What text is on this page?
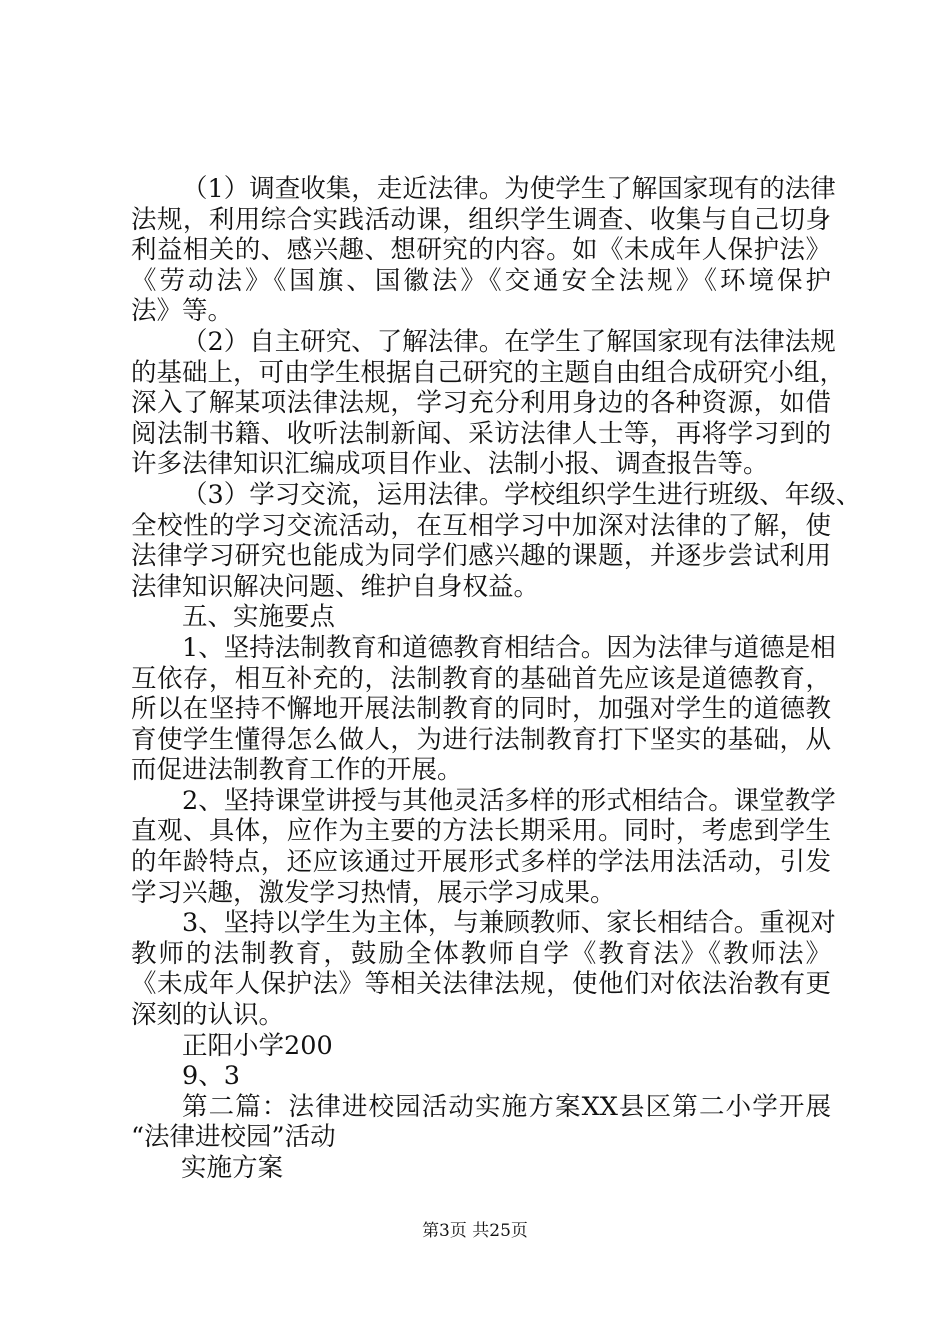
（1）调查收集，走近法律。为使学生了解国家现有的法律
法规，利用综合实践活动课，组织学生调查、收集与自己切身
利益相关的、感兴趣、想研究的内容。如《未成年人保护法》
《劳动法》《国旗、国徽法》《交通安全法规》《环境保护
法》等。
（2）自主研究、了解法律。在学生了解国家现有法律法规
的基础上，可由学生根据自己研究的主题自由组合成研究小组，
深入了解某项法律法规，学习充分利用身边的各种资源，如借
阅法制书籍、收听法制新闻、采访法律人士等，再将学习到的
许多法律知识汇编成项目作业、法制小报、调查报告等。
（3）学习交流，运用法律。学校组织学生进行班级、年级、
全校性的学习交流活动，在互相学习中加深对法律的了解，使
法律学习研究也能成为同学们感兴趣的课题，并逐步尝试利用
法律知识解决问题、维护自身权益。
五、实施要点
1、坚持法制教育和道德教育相结合。因为法律与道德是相
互依存，相互补充的，法制教育的基础首先应该是道德教育，
所以在坚持不懈地开展法制教育的同时，加强对学生的道德教
育使学生懂得怎么做人，为进行法制教育打下坚实的基础，从
而促进法制教育工作的开展。
2、坚持课堂讲授与其他灵活多样的形式相结合。课堂教学
直观、具体，应作为主要的方法长期采用。同时，考虑到学生
的年龄特点，还应该通过开展形式多样的学法用法活动，引发
学习兴趣，激发学习热情，展示学习成果。
3、坚持以学生为主体，与兼顾教师、家长相结合。重视对
教师的法制教育，鼓励全体教师自学《教育法》《教师法》
《未成年人保护法》等相关法律法规，使他们对依法治教有更
深刻的认识。
正阳小学200
9、3
第二篇：法律进校园活动实施方案XX县区第二小学开展
“法律进校园”活动
实施方案
第3页 共25页
